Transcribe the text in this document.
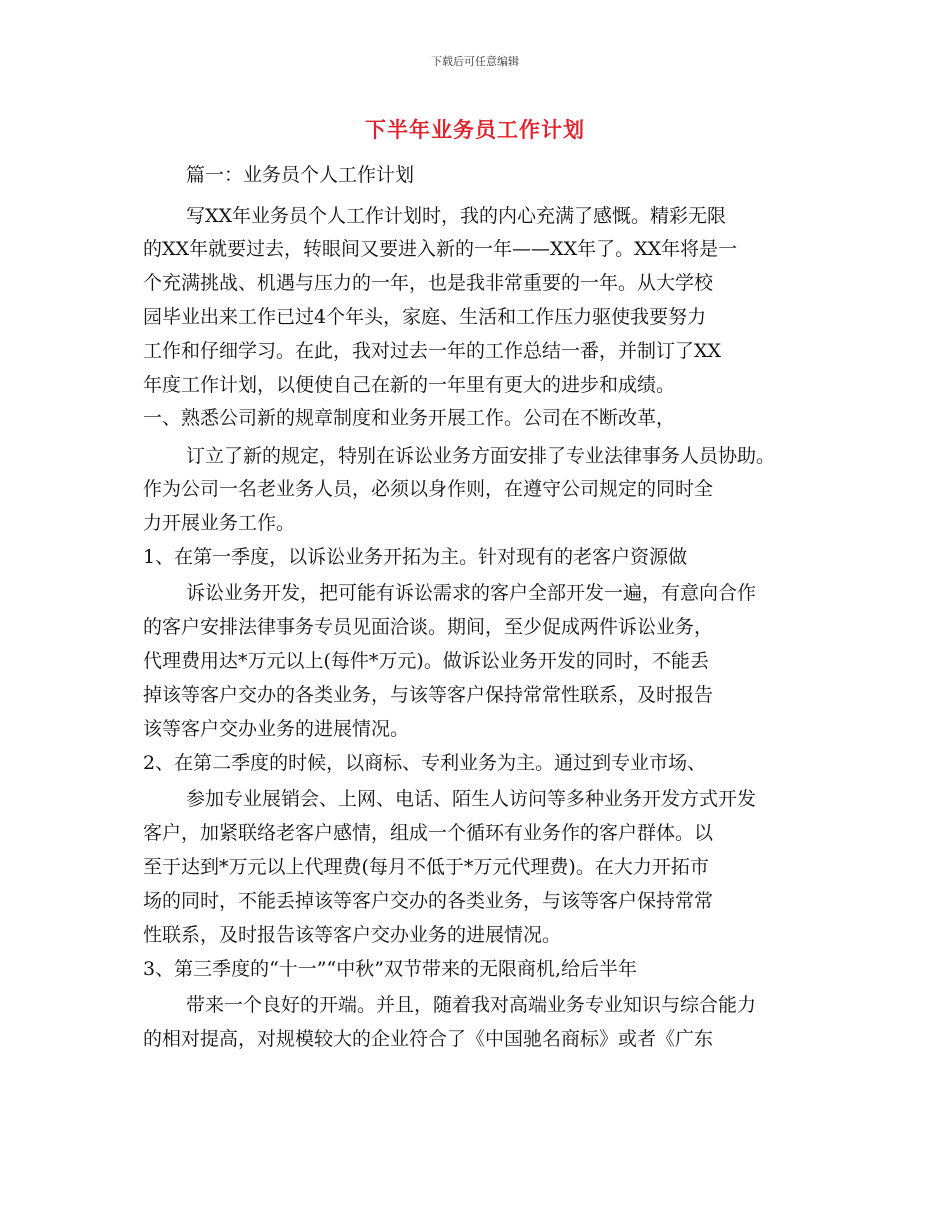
下载后可任意编辑
下半年业务员工作计划
篇一：业务员个人工作计划
写XX年业务员个人工作计划时，我的内心充满了感慨。精彩无限
的XX年就要过去，转眼间又要进入新的一年——XX年了。XX年将是一
个充满挑战、机遇与压力的一年，也是我非常重要的一年。从大学校
园毕业出来工作已过4个年头，家庭、生活和工作压力驱使我要努力
工作和仔细学习。在此，我对过去一年的工作总结一番，并制订了XX
年度工作计划，以便使自己在新的一年里有更大的进步和成绩。
一、熟悉公司新的规章制度和业务开展工作。公司在不断改革，
订立了新的规定，特别在诉讼业务方面安排了专业法律事务人员协助。
作为公司一名老业务人员，必须以身作则，在遵守公司规定的同时全
力开展业务工作。
1、在第一季度，以诉讼业务开拓为主。针对现有的老客户资源做
诉讼业务开发，把可能有诉讼需求的客户全部开发一遍，有意向合作
的客户安排法律事务专员见面洽谈。期间，至少促成两件诉讼业务，
代理费用达*万元以上(每件*万元)。做诉讼业务开发的同时，不能丢
掉该等客户交办的各类业务，与该等客户保持常常性联系，及时报告
该等客户交办业务的进展情况。
2、在第二季度的时候，以商标、专利业务为主。通过到专业市场、
参加专业展销会、上网、电话、陌生人访问等多种业务开发方式开发
客户，加紧联络老客户感情，组成一个循环有业务作的客户群体。以
至于达到*万元以上代理费(每月不低于*万元代理费)。在大力开拓市
场的同时，不能丢掉该等客户交办的各类业务，与该等客户保持常常
性联系，及时报告该等客户交办业务的进展情况。
3、第三季度的“十一”“中秋”双节带来的无限商机,给后半年
带来一个良好的开端。并且，随着我对高端业务专业知识与综合能力
的相对提高，对规模较大的企业符合了《中国驰名商标》或者《广东
